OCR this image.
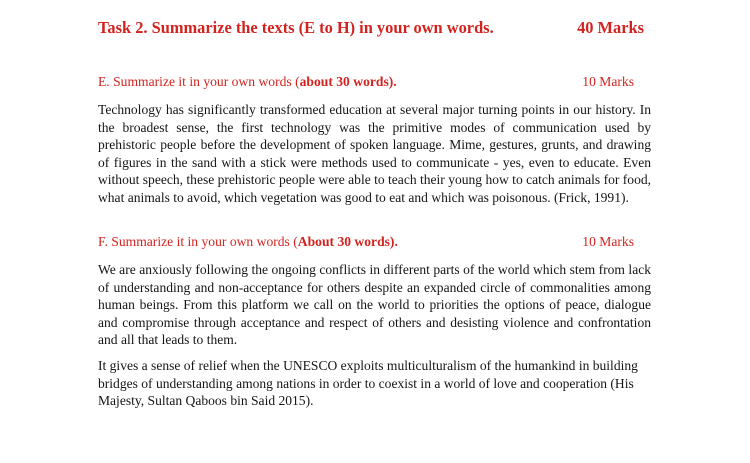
Task 2. Summarize the texts (E to H) in your own words.	40 Marks
E. Summarize it in your own words (about 30 words).	10 Marks
Technology has significantly transformed education at several major turning points in our history. In the broadest sense, the first technology was the primitive modes of communication used by prehistoric people before the development of spoken language. Mime, gestures, grunts, and drawing of figures in the sand with a stick were methods used to communicate - yes, even to educate. Even without speech, these prehistoric people were able to teach their young how to catch animals for food, what animals to avoid, which vegetation was good to eat and which was poisonous. (Frick, 1991).
F. Summarize it in your own words (About 30 words).	10 Marks
We are anxiously following the ongoing conflicts in different parts of the world which stem from lack of understanding and non-acceptance for others despite an expanded circle of commonalities among human beings. From this platform we call on the world to priorities the options of peace, dialogue and compromise through acceptance and respect of others and desisting violence and confrontation and all that leads to them.
It gives a sense of relief when the UNESCO exploits multiculturalism of the humankind in building bridges of understanding among nations in order to coexist in a world of love and cooperation (His Majesty, Sultan Qaboos bin Said 2015).
